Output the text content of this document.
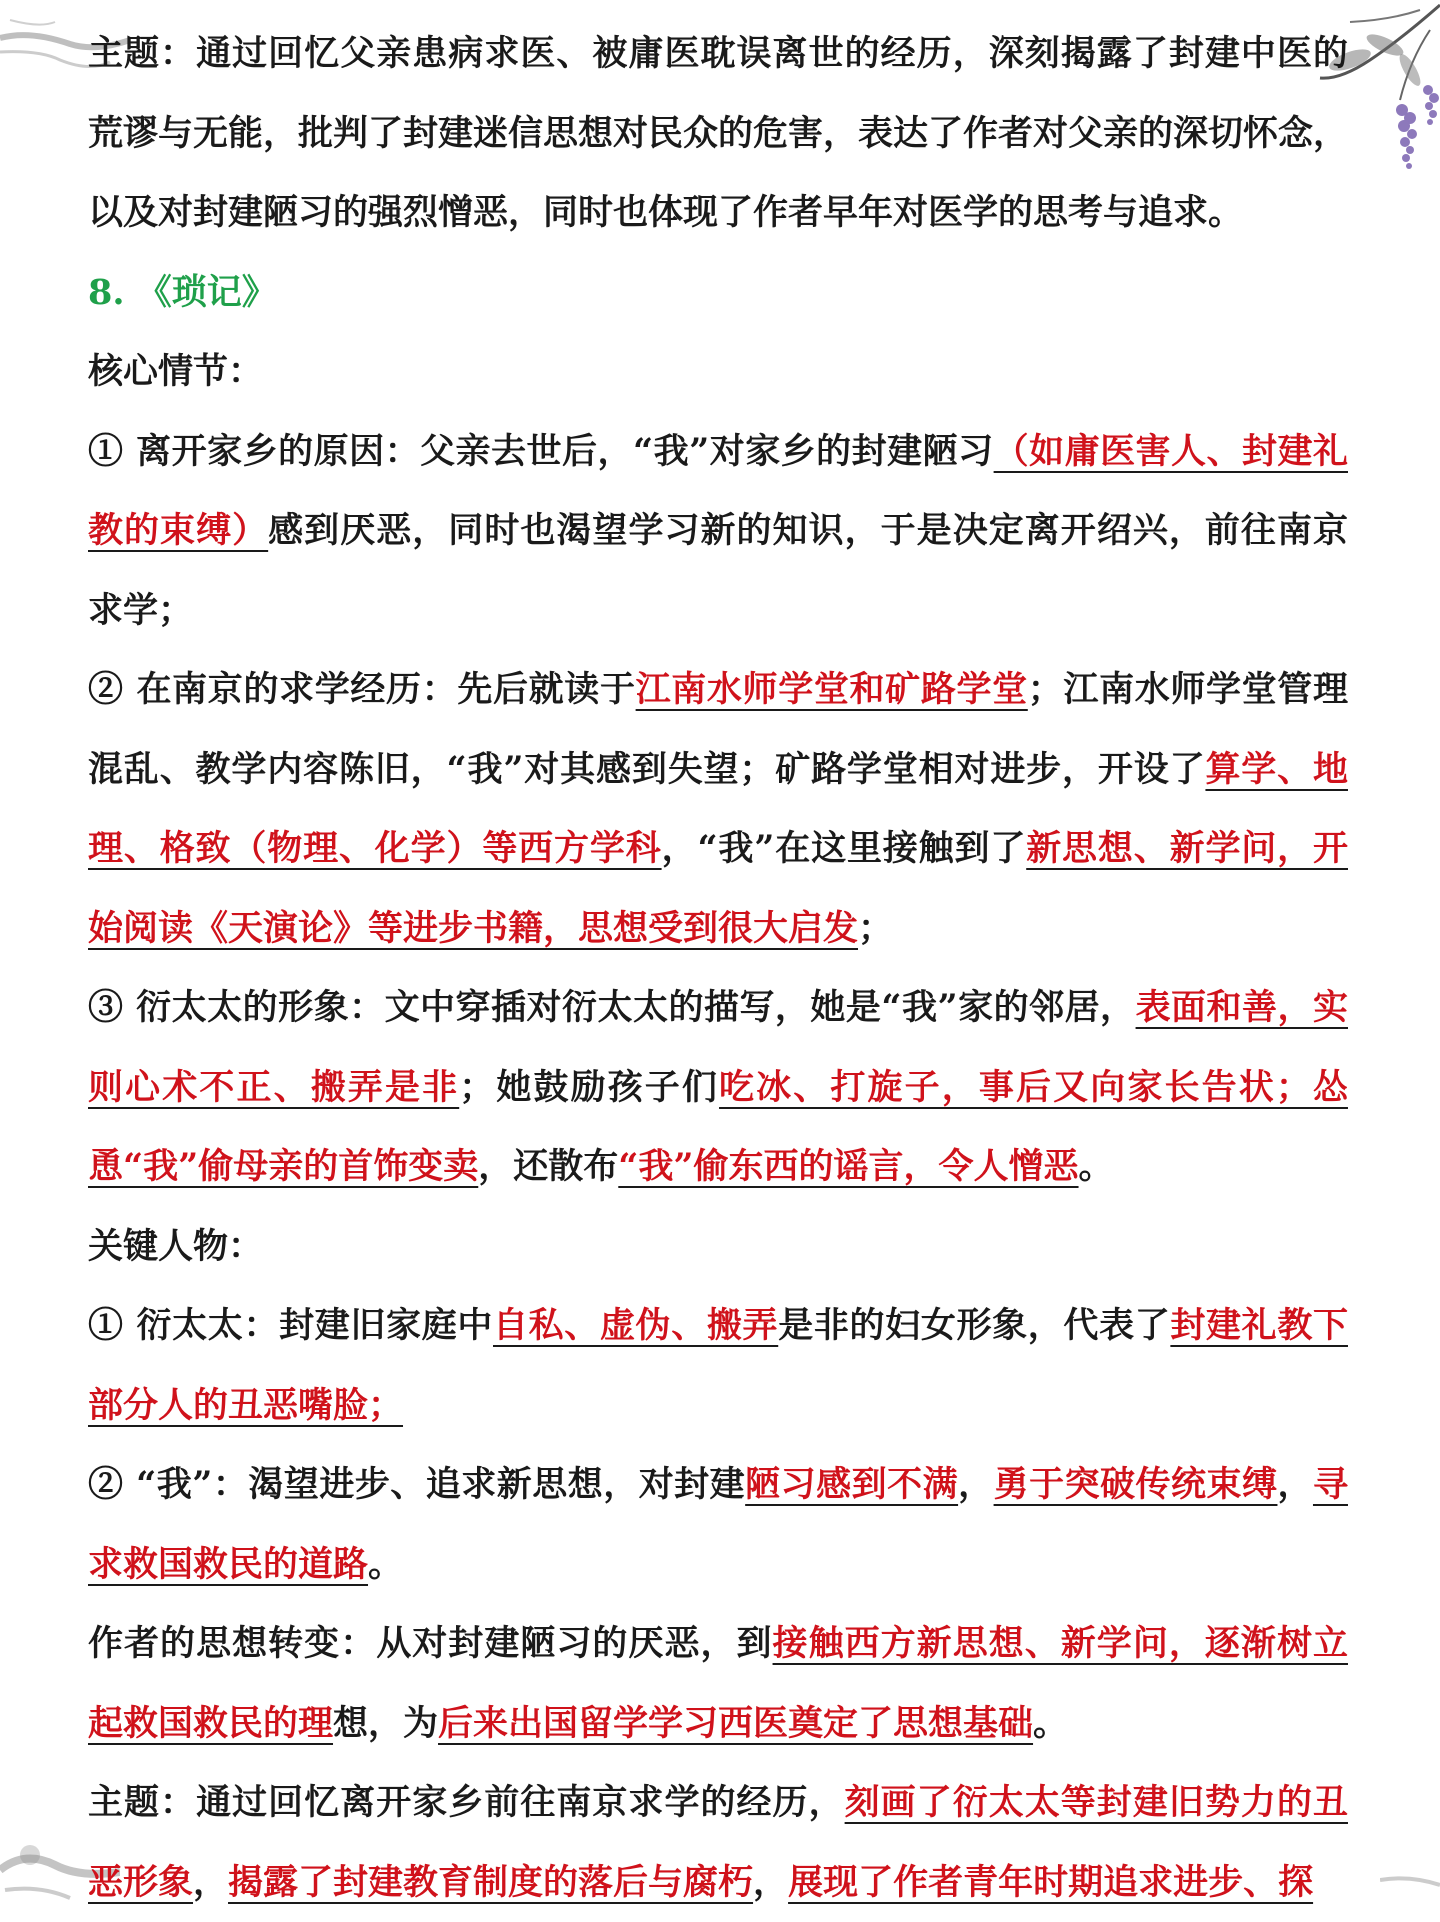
主题：通过回忆父亲患病求医、被庸医耽误离世的经历，深刻揭露了封建中医的荒谬与无能，批判了封建迷信思想对民众的危害，表达了作者对父亲的深切怀念，以及对封建陋习的强烈憎恶，同时也体现了作者早年对医学的思考与追求。

8. 《琐记》

核心情节：

① 离开家乡的原因：父亲去世后，“我”对家乡的封建陋习（如庸医害人、封建礼教的束缚）感到厌恶，同时也渴望学习新的知识，于是决定离开绍兴，前往南京求学；

② 在南京的求学经历：先后就读于江南水师学堂和矿路学堂；江南水师学堂管理混乱、教学内容陈旧，“我”对其感到失望；矿路学堂相对进步，开设了算学、地理、格致（物理、化学）等西方学科，“我”在这里接触到了新思想、新学问，开始阅读《天演论》等进步书籍，思想受到很大启发；

③ 衍太太的形象：文中穿插对衍太太的描写，她是“我”家的邻居，表面和善，实则心术不正、搬弄是非；她鼓励孩子们吃冰、打旋子，事后又向家长告状；怂恿“我”偷母亲的首饰变卖，还散布“我”偷东西的谣言，令人憎恶。

关键人物：

① 衍太太：封建旧家庭中自私、虚伪、搬弄是非的妇女形象，代表了封建礼教下部分人的丑恶嘴脸；

② “我”：渴望进步、追求新思想，对封建陋习感到不满，勇于突破传统束缚，寻求救国救民的道路。

作者的思想转变：从对封建陋习的厌恶，到接触西方新思想、新学问，逐渐树立起救国救民的理想，为后来出国留学学习西医奠定了思想基础。

主题：通过回忆离开家乡前往南京求学的经历，刻画了衍太太等封建旧势力的丑恶形象，揭露了封建教育制度的落后与腐朽，展现了作者青年时期追求进步、探
